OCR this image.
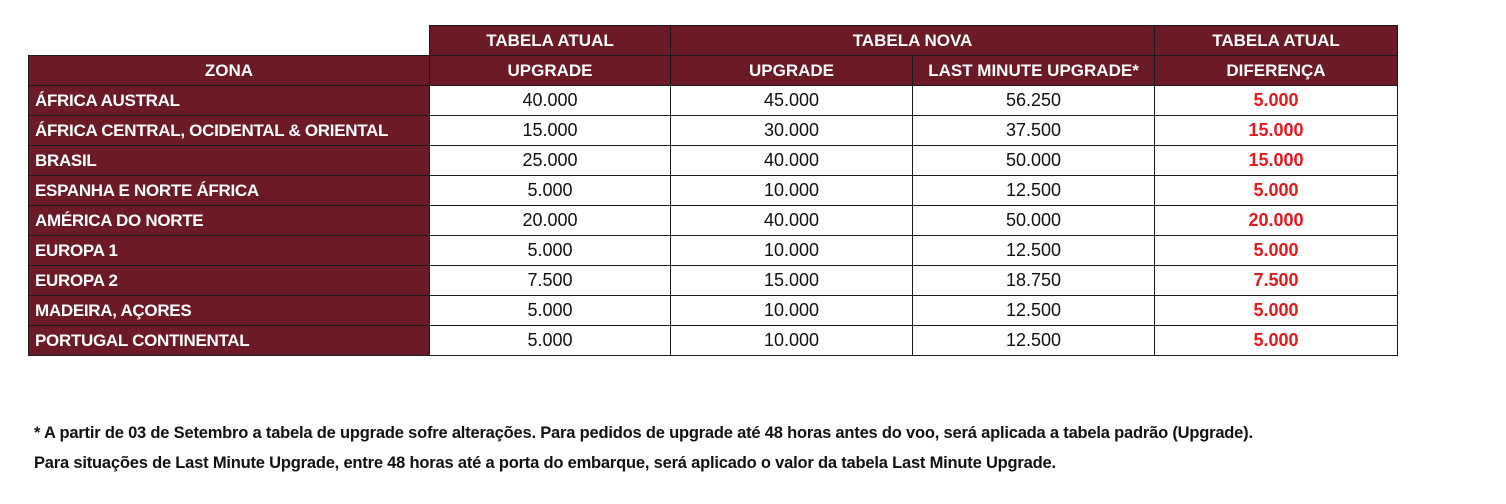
	TABELA ATUAL	TABELA NOVA		TABELA ATUAL
ZONA	UPGRADE	UPGRADE	LAST MINUTE UPGRADE*	DIFERENÇA
ÁFRICA AUSTRAL	40.000	45.000	56.250	5.000
ÁFRICA CENTRAL, OCIDENTAL & ORIENTAL	15.000	30.000	37.500	15.000
BRASIL	25.000	40.000	50.000	15.000
ESPANHA E NORTE ÁFRICA	5.000	10.000	12.500	5.000
AMÉRICA DO NORTE	20.000	40.000	50.000	20.000
EUROPA 1	5.000	10.000	12.500	5.000
EUROPA 2	7.500	15.000	18.750	7.500
MADEIRA, AÇORES	5.000	10.000	12.500	5.000
PORTUGAL CONTINENTAL	5.000	10.000	12.500	5.000

* A partir de 03 de Setembro a tabela de upgrade sofre alterações. Para pedidos de upgrade até 48 horas antes do voo, será aplicada a tabela padrão (Upgrade).

Para situações de Last Minute Upgrade, entre 48 horas até a porta do embarque, será aplicado o valor da tabela Last Minute Upgrade.
